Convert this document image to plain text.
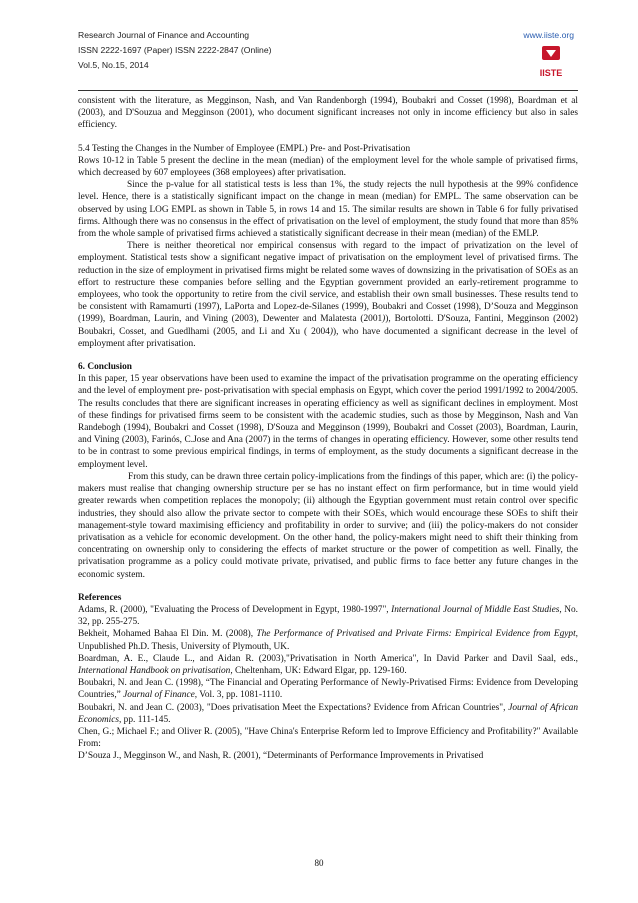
Research Journal of Finance and Accounting
ISSN 2222-1697 (Paper) ISSN 2222-2847 (Online)
Vol.5, No.15, 2014
www.iiste.org
IISTE

consistent with the literature, as Megginson, Nash, and Van Randenborgh (1994), Boubakri and Cosset (1998), Boardman et al (2003), and D'Souzua and Megginson (2001), who document significant increases not only in income efficiency but also in sales efficiency.

5.4 Testing the Changes in the Number of Employee (EMPL) Pre- and Post-Privatisation

Rows 10-12 in Table 5 present the decline in the mean (median) of the employment level for the whole sample of privatised firms, which decreased by 607 employees (368 employees) after privatisation.

Since the p-value for all statistical tests is less than 1%, the study rejects the null hypothesis at the 99% confidence level. Hence, there is a statistically significant impact on the change in mean (median) for EMPL. The same observation can be observed by using LOG EMPL as shown in Table 5, in rows 14 and 15. The similar results are shown in Table 6 for fully privatised firms. Although there was no consensus in the effect of privatisation on the level of employment, the study found that more than 85% from the whole sample of privatised firms achieved a statistically significant decrease in their mean (median) of the EMLP.

There is neither theoretical nor empirical consensus with regard to the impact of privatization on the level of employment. Statistical tests show a significant negative impact of privatisation on the employment level of privatised firms. The reduction in the size of employment in privatised firms might be related some waves of downsizing in the privatisation of SOEs as an effort to restructure these companies before selling and the Egyptian government provided an early-retirement programme to employees, who took the opportunity to retire from the civil service, and establish their own small businesses. These results tend to be consistent with Ramamurti (1997), LaPorta and Lopez-de-Silanes (1999), Boubakri and Cosset (1998), D’Souza and Megginson (1999), Boardman, Laurin, and Vining (2003), Dewenter and Malatesta (2001)), Bortolotti. D'Souza, Fantini, Megginson (2002) Boubakri, Cosset, and Guedlhami (2005, and Li and Xu ( 2004)), who have documented a significant decrease in the level of employment after privatisation.

6. Conclusion

In this paper, 15 year observations have been used to examine the impact of the privatisation programme on the operating efficiency and the level of employment pre- post-privatisation with special emphasis on Egypt, which cover the period 1991/1992 to 2004/2005. The results concludes that there are significant increases in operating efficiency as well as significant declines in employment. Most of these findings for privatised firms seem to be consistent with the academic studies, such as those by Megginson, Nash and Van Randebogh (1994), Boubakri and Cosset (1998), D'Souza and Megginson (1999), Boubakri and Cosset (2003), Boardman, Laurin, and Vining (2003), Farinós, C.Jose and Ana (2007) in the terms of changes in operating efficiency. However, some other results tend to be in contrast to some previous empirical findings, in terms of employment, as the study documents a significant decrease in the employment level.

From this study, can be drawn three certain policy-implications from the findings of this paper, which are: (i) the policy-makers must realise that changing ownership structure per se has no instant effect on firm performance, but in time would yield greater rewards when competition replaces the monopoly; (ii) although the Egyptian government must retain control over specific industries, they should also allow the private sector to compete with their SOEs, which would encourage these SOEs to shift their management-style toward maximising efficiency and profitability in order to survive; and (iii) the policy-makers do not consider privatisation as a vehicle for economic development. On the other hand, the policy-makers might need to shift their thinking from concentrating on ownership only to considering the effects of market structure or the power of competition as well. Finally, the privatisation programme as a policy could motivate private, privatised, and public firms to face better any future changes in the economic system.

References

Adams, R. (2000), "Evaluating the Process of Development in Egypt, 1980-1997", International Journal of Middle East Studies, No. 32, pp. 255-275.

Bekheit, Mohamed Bahaa El Din. M. (2008), The Performance of Privatised and Private Firms: Empirical Evidence from Egypt, Unpublished Ph.D. Thesis, University of Plymouth, UK.

Boardman, A. E., Claude L., and Aidan R. (2003),"Privatisation in North America", In David Parker and Davil Saal, eds., International Handbook on privatisation, Cheltenham, UK: Edward Elgar, pp. 129-160.

Boubakri, N. and Jean C. (1998), “The Financial and Operating Performance of Newly-Privatised Firms: Evidence from Developing Countries,” Journal of Finance, Vol. 3, pp. 1081-1110.

Boubakri, N. and Jean C. (2003), "Does privatisation Meet the Expectations? Evidence from African Countries", Journal of African Economics, pp. 111-145.

Chen, G.; Michael F.; and Oliver R. (2005), "Have China's Enterprise Reform led to Improve Efficiency and Profitability?" Available From:

D’Souza J., Megginson W., and Nash, R. (2001), “Determinants of Performance Improvements in Privatised

80
